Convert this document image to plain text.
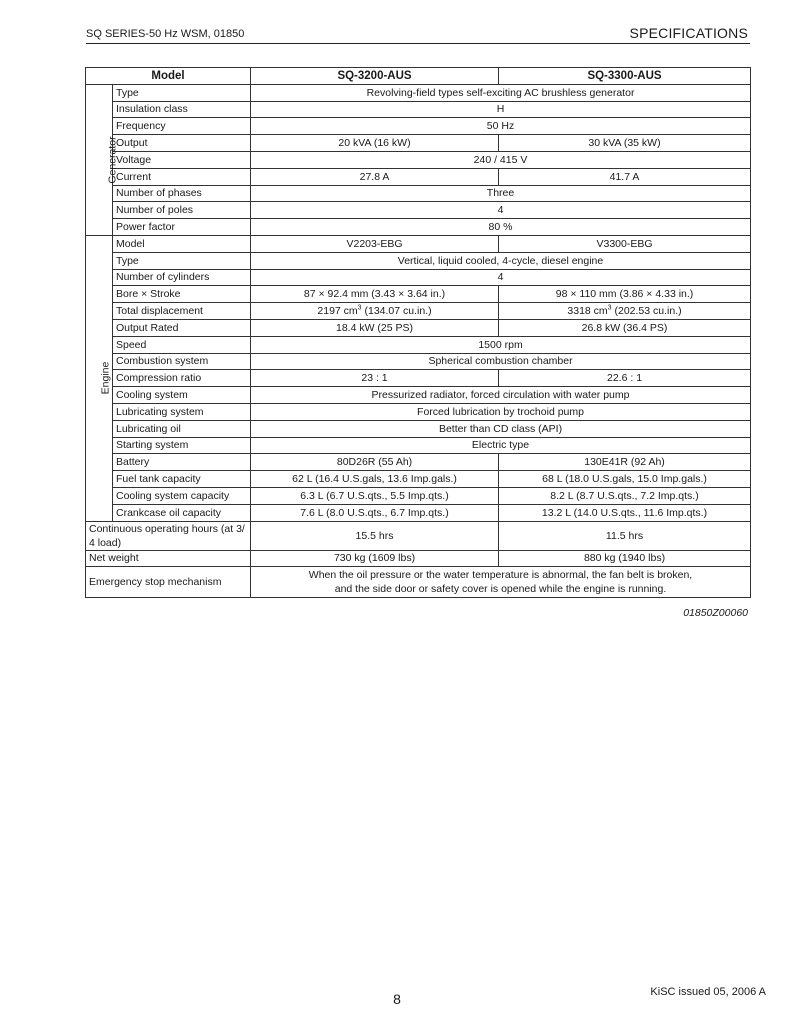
SQ SERIES-50 Hz WSM, 01850	SPECIFICATIONS
Model		SQ-3200-AUS	SQ-3300-AUS
Generator	Type	Revolving-field types self-exciting AC brushless generator	
	Insulation class	H	
	Frequency	50 Hz	
	Output	20 kVA (16 kW)	30 kVA (35 kW)
	Voltage	240 / 415 V	
	Current	27.8 A	41.7 A
	Number of phases	Three	
	Number of poles	4	
	Power factor	80 %	
Engine	Model	V2203-EBG	V3300-EBG
	Type	Vertical, liquid cooled, 4-cycle, diesel engine	
	Number of cylinders	4	
	Bore × Stroke	87 × 92.4 mm (3.43 × 3.64 in.)	98 × 110 mm (3.86 × 4.33 in.)
	Total displacement	2197 $cm^3$ (134.07 cu.in.)	3318 $cm^3$ (202.53 cu.in.)
	Output Rated	18.4 kW (25 PS)	26.8 kW (36.4 PS)
	Speed	1500 rpm	
	Combustion system	Spherical combustion chamber	
	Compression ratio	23 : 1	22.6 : 1
	Cooling system	Pressurized radiator, forced circulation with water pump	
	Lubricating system	Forced lubrication by trochoid pump	
	Lubricating oil	Better than CD class (API)	
	Starting system	Electric type	
	Battery	80D26R (55 Ah)	130E41R (92 Ah)
	Fuel tank capacity	62 L (16.4 U.S.gals, 13.6 Imp.gals.)	68 L (18.0 U.S.gals, 15.0 Imp.gals.)
	Cooling system capacity	6.3 L (6.7 U.S.qts., 5.5 Imp.qts.)	8.2 L (8.7 U.S.qts., 7.2 Imp.qts.)
	Crankcase oil capacity	7.6 L (8.0 U.S.qts., 6.7 Imp.qts.)	13.2 L (14.0 U.S.qts., 11.6 Imp.qts.)
Continuous operating hours (at 3/ 4 load)		15.5 hrs	11.5 hrs
Net weight		730 kg (1609 lbs)	880 kg (1940 lbs)
Emergency stop mechanism		When the oil pressure or the water temperature is abnormal, the fan belt is broken,
and the side door or safety cover is opened while the engine is running.	
01850Z00060
8	KiSC issued 05, 2006 A
